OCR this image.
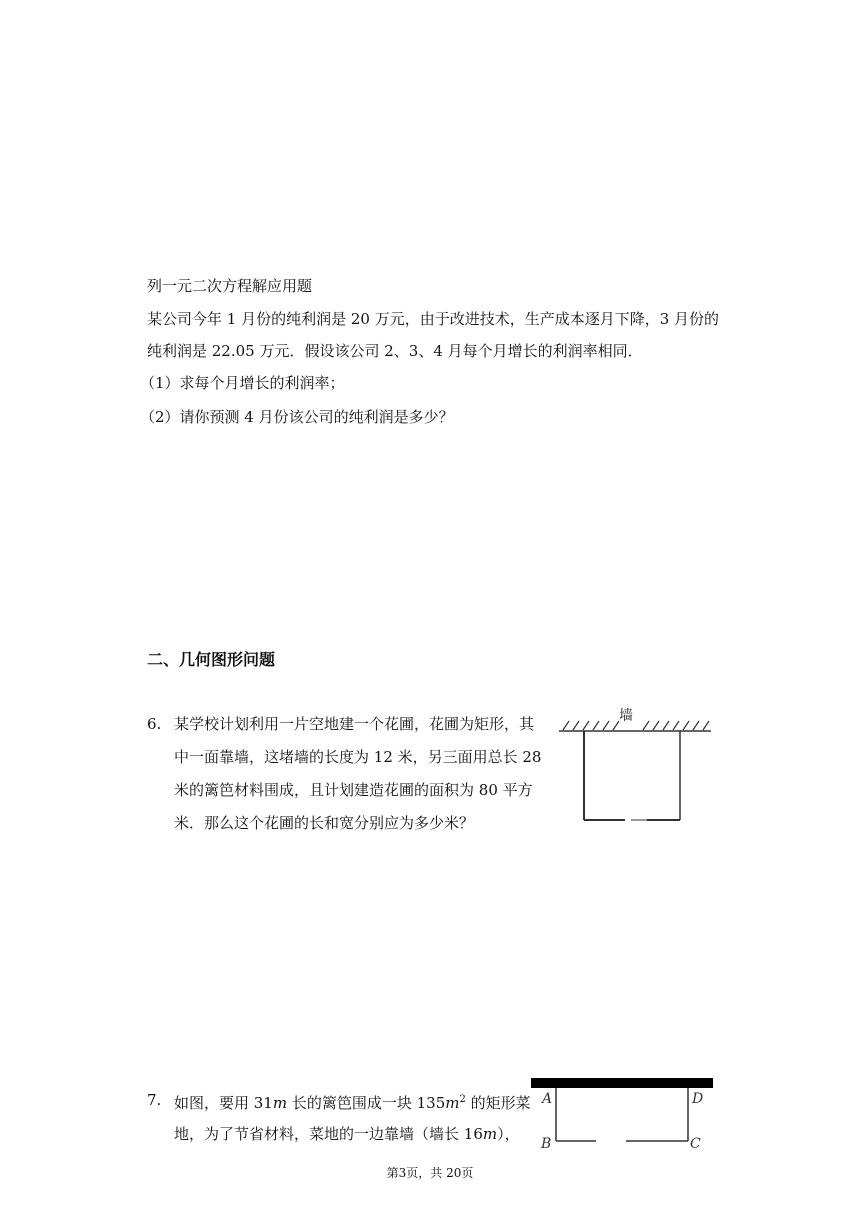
列一元二次方程解应用题
某公司今年 1 月份的纯利润是 20 万元，由于改进技术，生产成本逐月下降，3 月份的
纯利润是 22.05 万元．假设该公司 2、3、4 月每个月增长的利润率相同．
（1）求每个月增长的利润率；
（2）请你预测 4 月份该公司的纯利润是多少？
二、几何图形问题
6. 某学校计划利用一片空地建一个花圃，花圃为矩形，其
中一面靠墙，这堵墙的长度为 12 米，另三面用总长 28
米的篱笆材料围成，且计划建造花圃的面积为 80 平方
米．那么这个花圃的长和宽分别应为多少米？
墙
7. 如图，要用 31m 长的篱笆围成一块 $135m^2$ 的矩形菜
地，为了节省材料，菜地的一边靠墙（墙长 16m），
A	D
B	C
第3页，共 20页
